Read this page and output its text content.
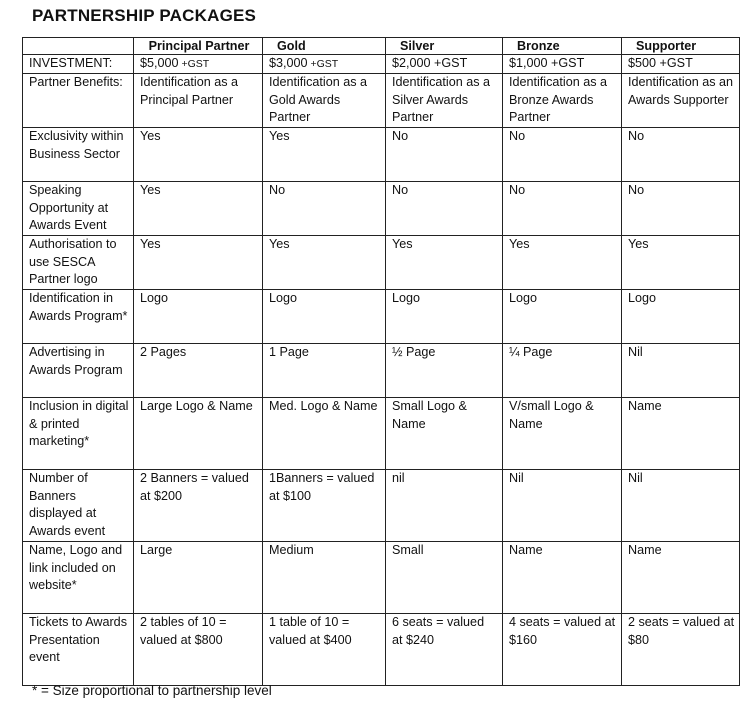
PARTNERSHIP PACKAGES
	Principal Partner	Gold	Silver	Bronze	Supporter
INVESTMENT:	$5,000 +GST	$3,000 +GST	$2,000 +GST	$1,000 +GST	$500 +GST
Partner Benefits:	Identification as a Principal Partner	Identification as a Gold Awards Partner	Identification as a Silver Awards Partner	Identification as a Bronze Awards Partner	Identification as an Awards Supporter
Exclusivity within Business Sector	Yes	Yes	No	No	No
Speaking Opportunity at Awards Event	Yes	No	No	No	No
Authorisation to use SESCA Partner logo	Yes	Yes	Yes	Yes	Yes
Identification in Awards Program*	Logo	Logo	Logo	Logo	Logo
Advertising in Awards Program	2 Pages	1 Page	½ Page	¼ Page	Nil
Inclusion in digital & printed marketing*	Large Logo & Name	Med. Logo & Name	Small Logo & Name	V/small Logo & Name	Name
Number of Banners displayed at Awards event	2 Banners = valued at $200	1Banners = valued at $100	nil	Nil	Nil
Name, Logo and link included on website*	Large	Medium	Small	Name	Name
Tickets to Awards Presentation event	2 tables of 10 = valued at $800	1 table of 10 = valued at $400	6 seats = valued at $240	4 seats = valued at $160	2 seats = valued at $80
* = Size proportional to partnership level
